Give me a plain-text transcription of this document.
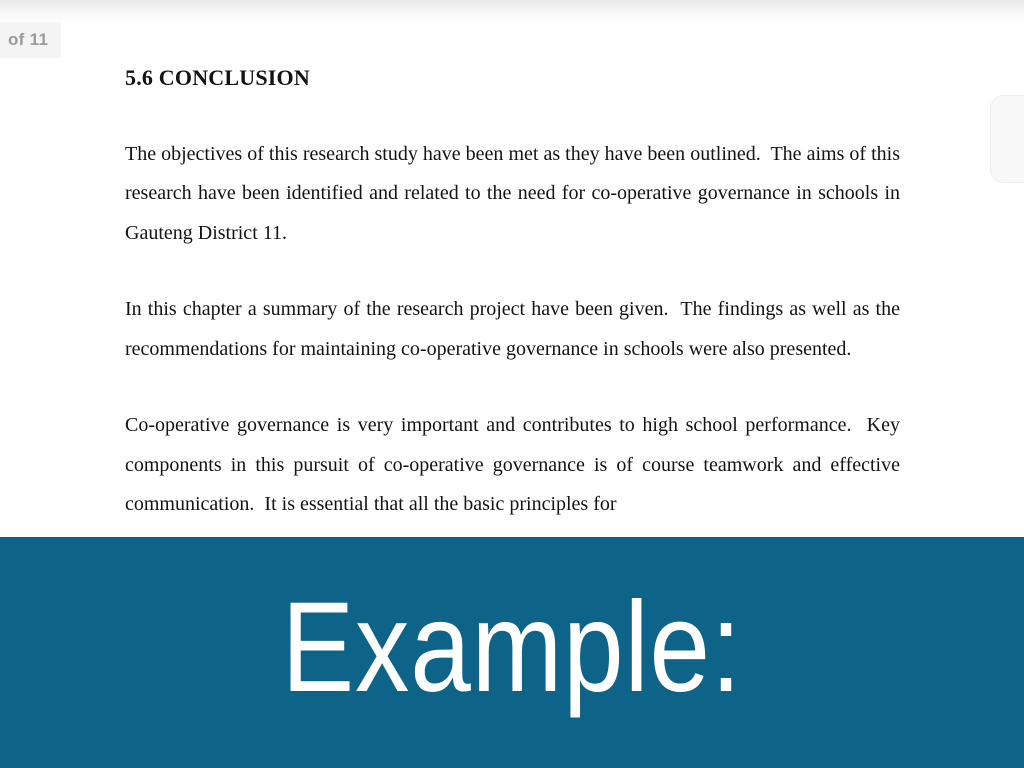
of 11
5.6 CONCLUSION

The objectives of this research study have been met as they have been outlined.  The aims of this research have been identified and related to the need for co-operative governance in schools in Gauteng District 11.

In this chapter a summary of the research project have been given.  The findings as well as the recommendations for maintaining co-operative governance in schools were also presented.

Co-operative governance is very important and contributes to high school performance.  Key components in this pursuit of co-operative governance is of course teamwork and effective communication.  It is essential that all the basic principles for

Example:
